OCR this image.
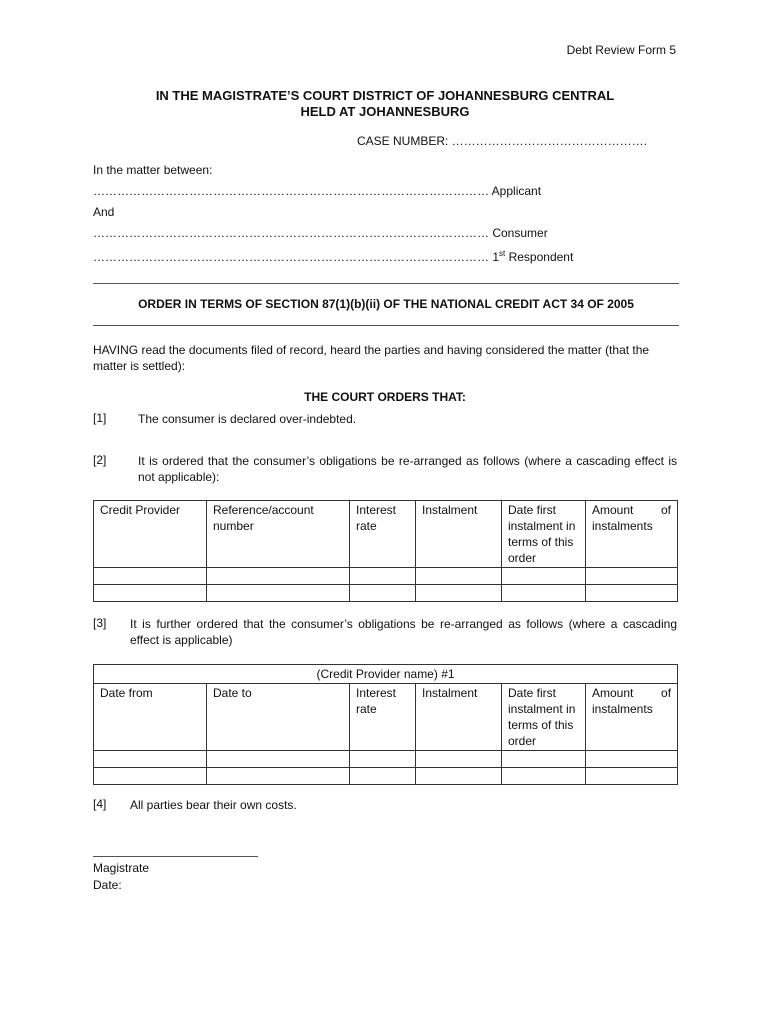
Debt Review Form 5
IN THE MAGISTRATE’S COURT DISTRICT OF JOHANNESBURG CENTRAL
HELD AT JOHANNESBURG
CASE NUMBER: ………………………………………….
In the matter between:
……………………………………………………………………………………… Applicant
And
……………………………………………………………………………………… Consumer
……………………………………………………………………………………… 1st Respondent
ORDER IN TERMS OF SECTION 87(1)(b)(ii) OF THE NATIONAL CREDIT ACT 34 OF 2005
HAVING read the documents filed of record, heard the parties and having considered the matter (that the matter is settled):
THE COURT ORDERS THAT:
[1]	The consumer is declared over-indebted.
[2]	It is ordered that the consumer’s obligations be re-arranged as follows (where a cascading effect is not applicable):
Credit Provider	Reference/account number	Interest rate	Instalment	Date first instalment in terms of this order	Amount of
instalments

[3] It is further ordered that the consumer’s obligations be re-arranged as follows (where a cascading effect is applicable)
(Credit Provider name) #1					
Date from	Date to	Interest rate	Instalment	Date first instalment in terms of this order	Amount of
instalments

[4] All parties bear their own costs.
Magistrate
Date:
